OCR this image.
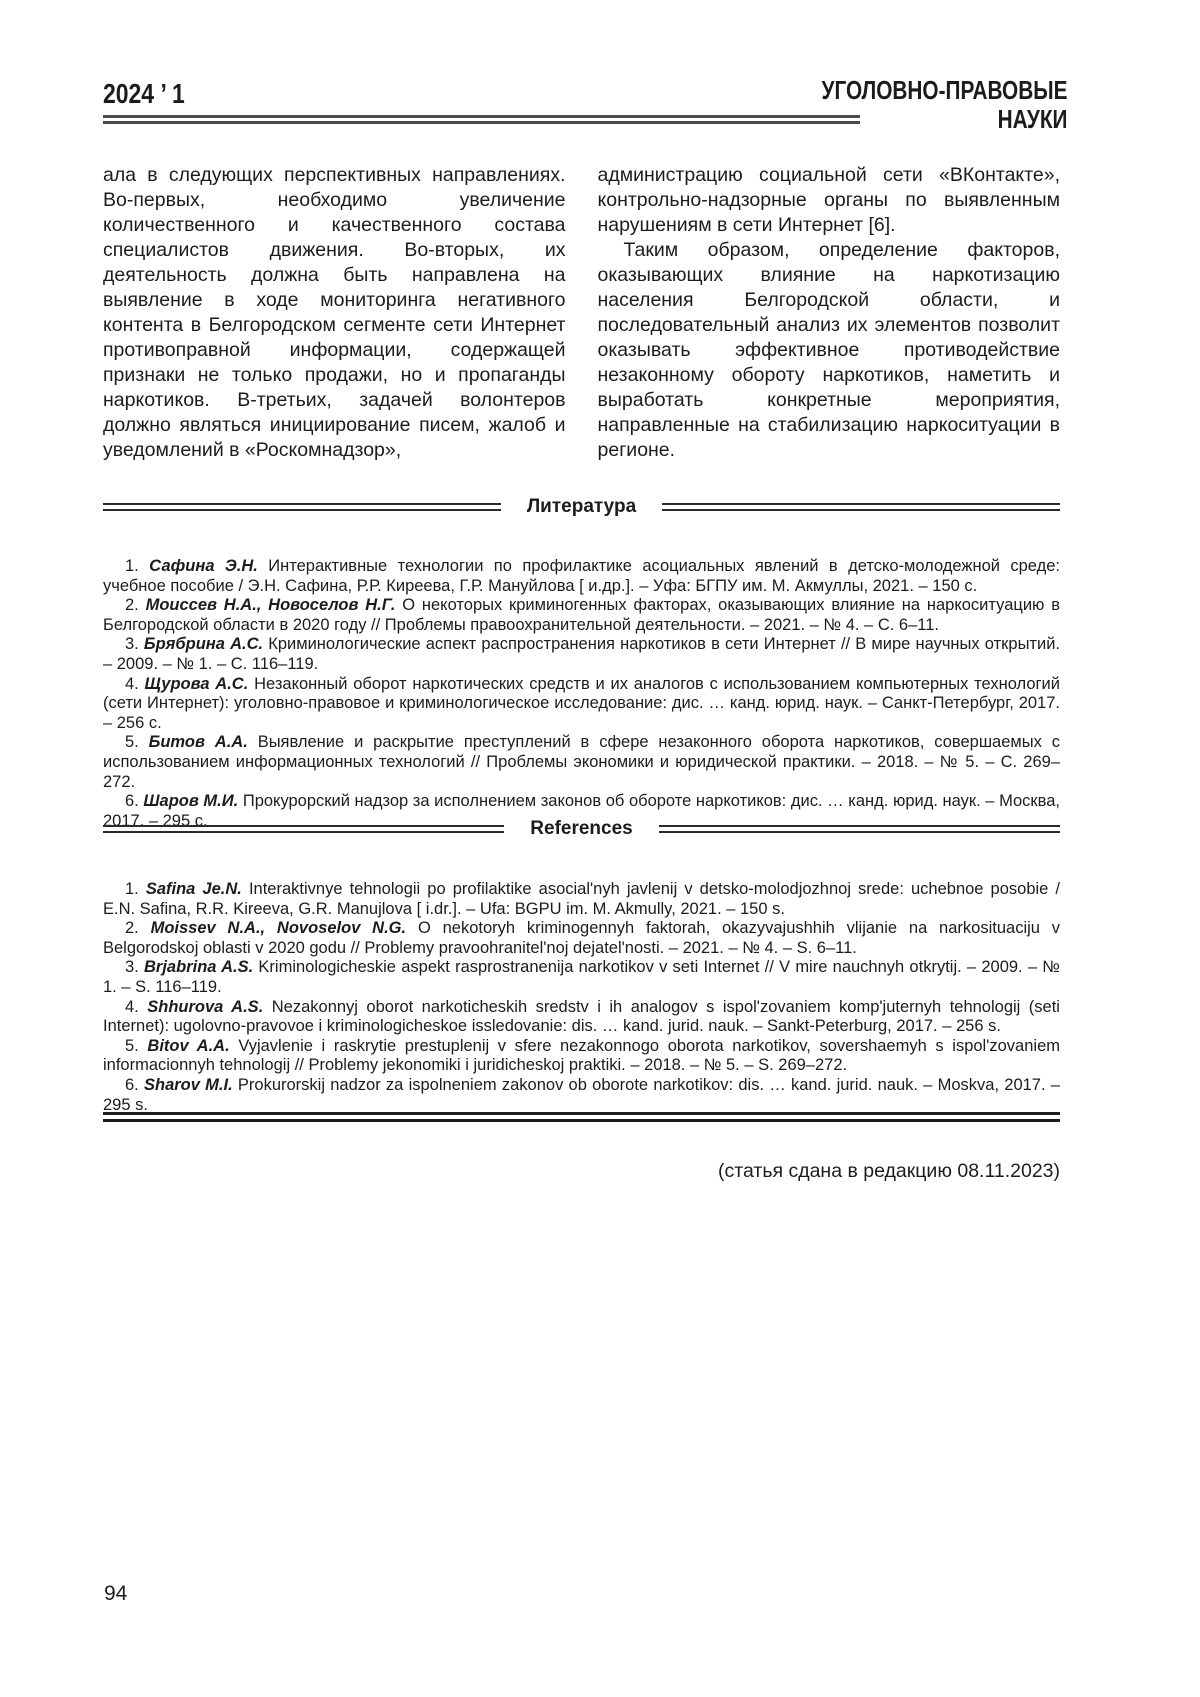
2024 ’ 1	УГОЛОВНО-ПРАВОВЫЕ
НАУКИ

ала в следующих перспективных направлениях. Во-первых, необходимо увеличение количественного и качественного состава специалистов движения. Во-вторых, их деятельность должна быть направлена на выявление в ходе мониторинга негативного контента в Белгородском сегменте сети Интернет противоправной информации, содержащей признаки не только продажи, но и пропаганды наркотиков. В-третьих, задачей волонтеров должно являться инициирование писем, жалоб и уведомлений в «Роскомнадзор»,

администрацию социальной сети «ВКонтакте», контрольно-надзорные органы по выявленным нарушениям в сети Интернет [6].

Таким образом, определение факторов, оказывающих влияние на наркотизацию населения Белгородской области, и последовательный анализ их элементов позволит оказывать эффективное противодействие незаконному обороту наркотиков, наметить и выработать конкретные мероприятия, направленные на стабилизацию наркоситуации в регионе.

Литература

1. Сафина Э.Н. Интерактивные технологии по профилактике асоциальных явлений в детско-молодежной среде: учебное пособие / Э.Н. Сафина, Р.Р. Киреева, Г.Р. Мануйлова [ и.др.]. – Уфа: БГПУ им. М. Акмуллы, 2021. – 150 с.

2. Моиссев Н.А., Новоселов Н.Г. О некоторых криминогенных факторах, оказывающих влияние на наркоситуацию в Белгородской области в 2020 году // Проблемы правоохранительной деятельности. – 2021. – № 4. – С. 6–11.

3. Брябрина А.С. Криминологические аспект распространения наркотиков в сети Интернет // В мире научных открытий. – 2009. – № 1. – С. 116–119.

4. Щурова А.С. Незаконный оборот наркотических средств и их аналогов с использованием компьютерных технологий (сети Интернет): уголовно-правовое и криминологическое исследование: дис. … канд. юрид. наук. – Санкт-Петербург, 2017. – 256 с.

5. Битов А.А. Выявление и раскрытие преступлений в сфере незаконного оборота наркотиков, совершаемых с использованием информационных технологий // Проблемы экономики и юридической практики. – 2018. – № 5. – С. 269–272.

6. Шаров М.И. Прокурорский надзор за исполнением законов об обороте наркотиков: дис. … канд. юрид. наук. – Москва, 2017. – 295 с.	References

1. Safina Je.N. Interaktivnye tehnologii po profilaktike asocial'nyh javlenij v detsko-molodjozhnoj srede: uchebnoe posobie / E.N. Safina, R.R. Kireeva, G.R. Manujlova [ i.dr.]. – Ufa: BGPU im. M. Akmully, 2021. – 150 s.

2. Moissev N.A., Novoselov N.G. O nekotoryh kriminogennyh faktorah, okazyvajushhih vlijanie na narkosituaciju v Belgorodskoj oblasti v 2020 godu // Problemy pravoohranitel'noj dejatel'nosti. – 2021. – № 4. – S. 6–11.

3. Brjabrina A.S. Kriminologicheskie aspekt rasprostranenija narkotikov v seti Internet // V mire nauchnyh otkrytij. – 2009. – № 1. – S. 116–119.

4. Shhurova A.S. Nezakonnyj oborot narkoticheskih sredstv i ih analogov s ispol'zovaniem komp'juternyh tehnologij (seti Internet): ugolovno-pravovoe i kriminologicheskoe issledovanie: dis. … kand. jurid. nauk. – Sankt-Peterburg, 2017. – 256 s.

5. Bitov A.A. Vyjavlenie i raskrytie prestuplenij v sfere nezakonnogo oborota narkotikov, sovershaemyh s ispol'zovaniem informacionnyh tehnologij // Problemy jekonomiki i juridicheskoj praktiki. – 2018. – № 5. – S. 269–272.

6. Sharov M.I. Prokurorskij nadzor za ispolneniem zakonov ob oborote narkotikov: dis. … kand. jurid. nauk. – Moskva, 2017. – 295 s.

(статья сдана в редакцию 08.11.2023)
94
